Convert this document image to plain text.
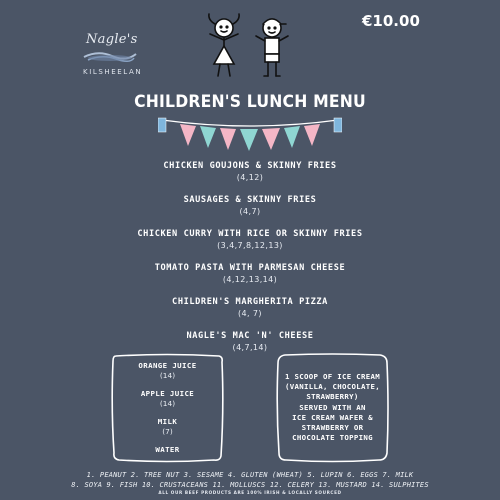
Nagle's
KILSHEELAN
€10.00
CHILDREN'S LUNCH MENU
CHICKEN GOUJONS & SKINNY FRIES
(4,12)
SAUSAGES & SKINNY FRIES
(4,7)
CHICKEN CURRY WITH RICE OR SKINNY FRIES
(3,4,7,8,12,13)
TOMATO PASTA WITH PARMESAN CHEESE
(4,12,13,14)
CHILDREN'S MARGHERITA PIZZA
(4, 7)
NAGLE'S MAC 'N' CHEESE
(4,7,14)
ORANGE JUICE
(14)
APPLE JUICE
(14)
MILK
(7)
WATER
1 SCOOP OF ICE CREAM
(VANILLA, CHOCOLATE,
STRAWBERRY)
SERVED WITH AN
ICE CREAM WAFER &
STRAWBERRY OR
CHOCOLATE TOPPING
1. PEANUT 2. TREE NUT 3. SESAME 4. GLUTEN (WHEAT) 5. LUPIN 6. EGGS 7. MILK
8. SOYA 9. FISH 10. CRUSTACEANS 11. MOLLUSCS 12. CELERY 13. MUSTARD 14. SULPHITES
ALL OUR BEEF PRODUCTS ARE 100% IRISH & LOCALLY SOURCED
